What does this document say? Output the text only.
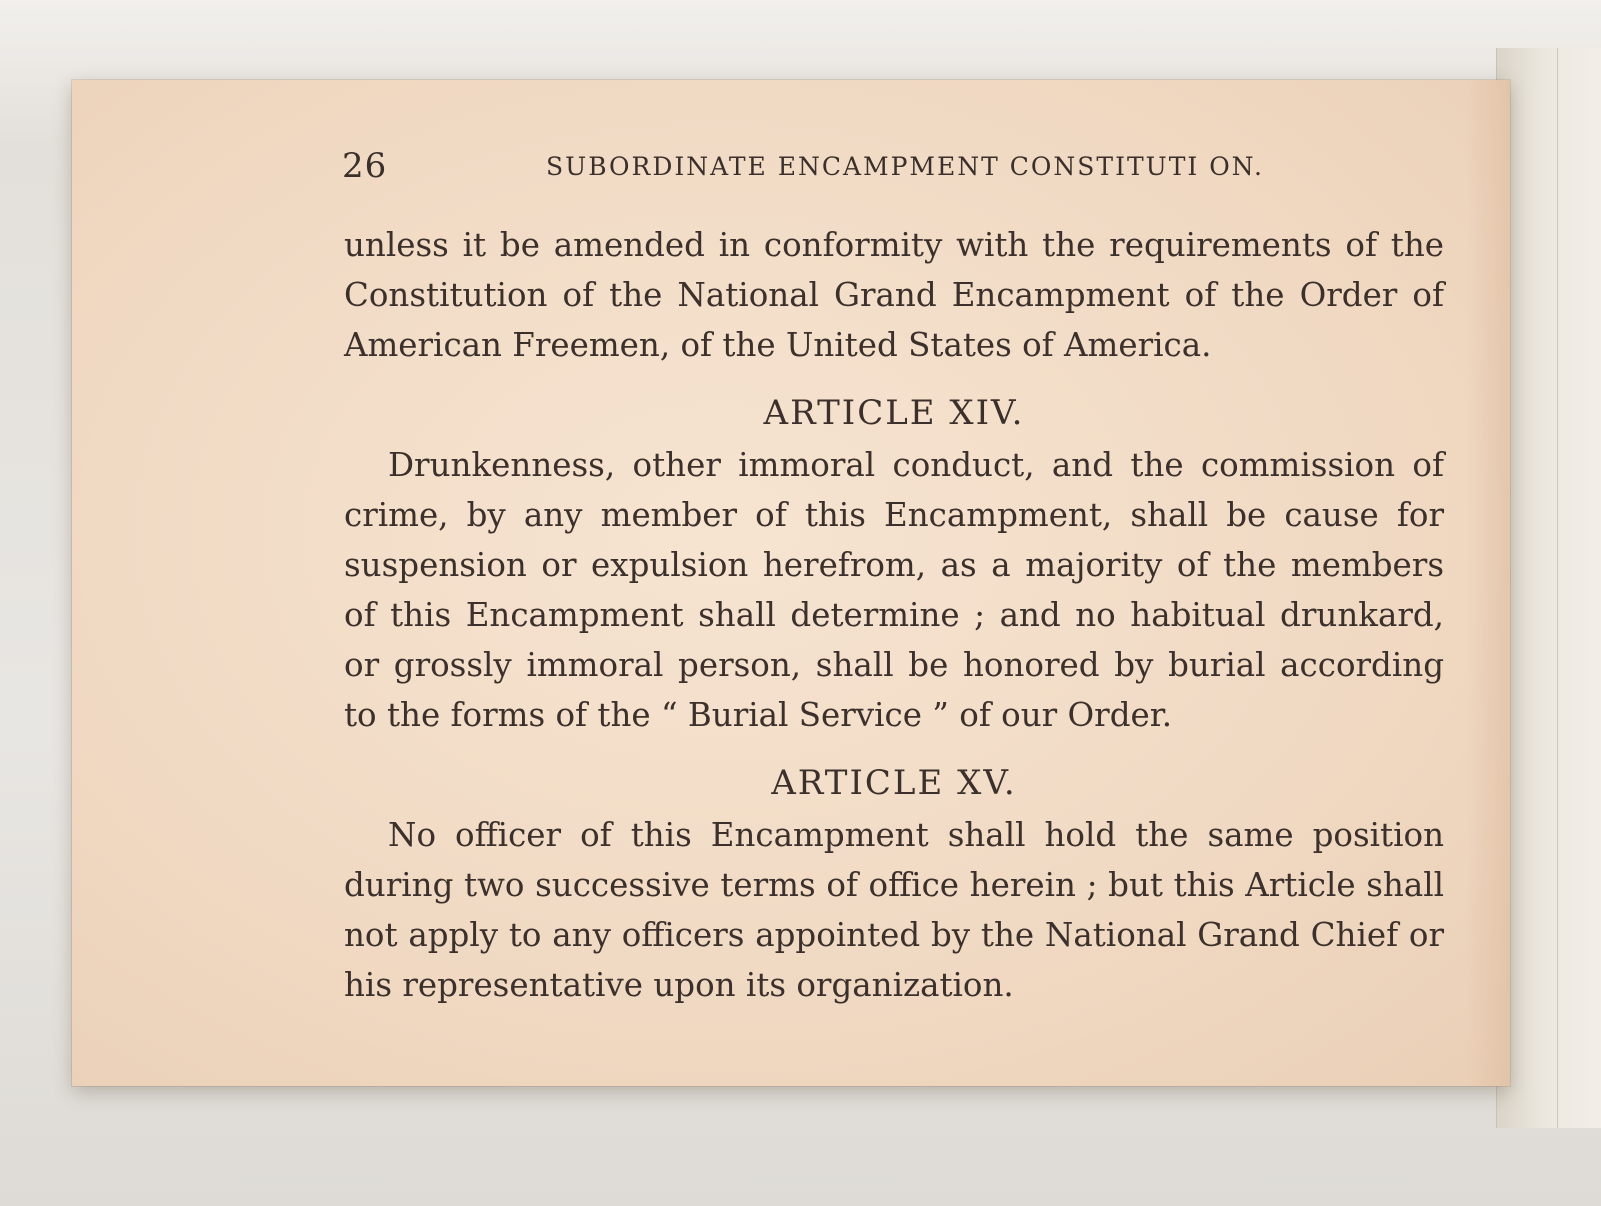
26	SUBORDINATE ENCAMPMENT CONSTITUTI ON.

unless it be amended in conformity with the requirements of the Constitution of the National Grand Encampment of the Order of American Freemen, of the United States of America.

ARTICLE XIV.

Drunkenness, other immoral conduct, and the commission of crime, by any member of this Encampment, shall be cause for suspension or expulsion herefrom, as a majority of the members of this Encampment shall determine ; and no habitual drunkard, or grossly immoral person, shall be honored by burial according to the forms of the “ Burial Service ” of our Order.

ARTICLE XV.

No officer of this Encampment shall hold the same position during two successive terms of office herein ; but this Article shall not apply to any officers appointed by the National Grand Chief or his representative upon its organization.
